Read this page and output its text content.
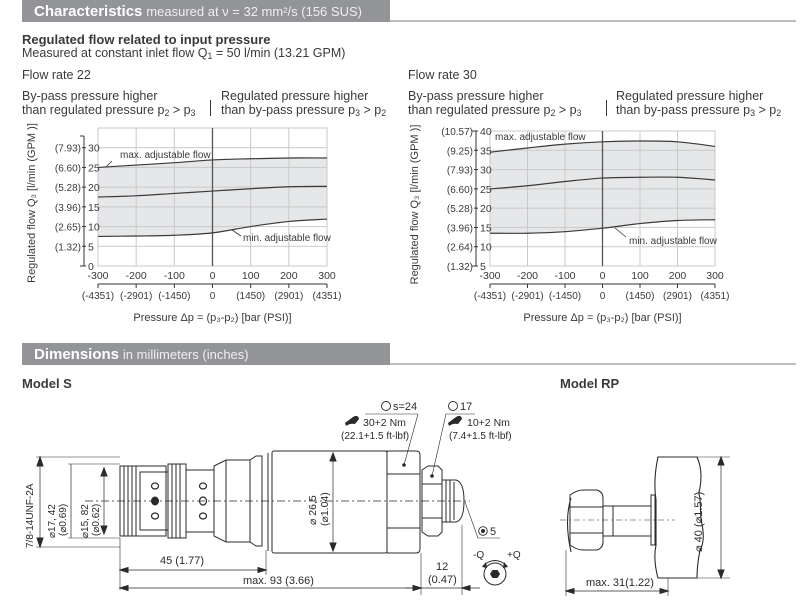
Characteristics measured at ν = 32 mm²/s (156 SUS)
Regulated flow related to input pressure
Measured at constant inlet flow $Q_1 = 50$ l/min (13.21 GPM)
Flow rate 22	Flow rate 30
By-pass pressure higher
than regulated pressure $p_2 > p_3$
Regulated pressure higher
than by-pass pressure $p_3 > p_2$
By-pass pressure higher
than regulated pressure $p_2 > p_3$
Regulated pressure higher
than by-pass pressure $p_3 > p_2$
0
5
(1.32)
10
(2.65)
15
(3.96)
20
(5.28)
25
(6.60)
30
(7.93)
Regulated flow Q₃ [l/min (GPM )]	-300
(-4351)
-200
(-2901)
-100
(-1450)
0
0
100
(1450)
200
(2901)
300
(4351)
Pressure Δp = (p₃-p₂) [bar (PSI)]
max. adjustable flow
min. adjustable flow
5
(1.32)
10
(2.64)
15
(3.96)
20
(5.28)
25
(6.60)
30
(7.93)
35
(9.25)
40
(10.57)
Regulated flow Q₃ [l/min (GPM )]	-300
(-4351)
-200
(-2901)
-100
(-1450)
0
0
100
(1450)
200
(2901)
300
(4351)
Pressure Δp = (p₃-p₂) [bar (PSI)]
max. adjustable flow
min. adjustable flow
Dimensions in millimeters (inches)
Model S	Model RP
7/8-14UNF-2A ⌀17, 42 (⌀0.69) ⌀15, 82 (⌀0.62)	⌀ 26,5 (⌀1.04)
s=24
30+2 Nm
(22.1+1.5 ft-lbf)
17
10+2 Nm
(7.4+1.5 ft-lbf)
5
-Q +Q
45 (1.77)
max. 93 (3.66)
12
(0.47)
⌀ 40 (⌀1.57)
max. 31(1.22)
